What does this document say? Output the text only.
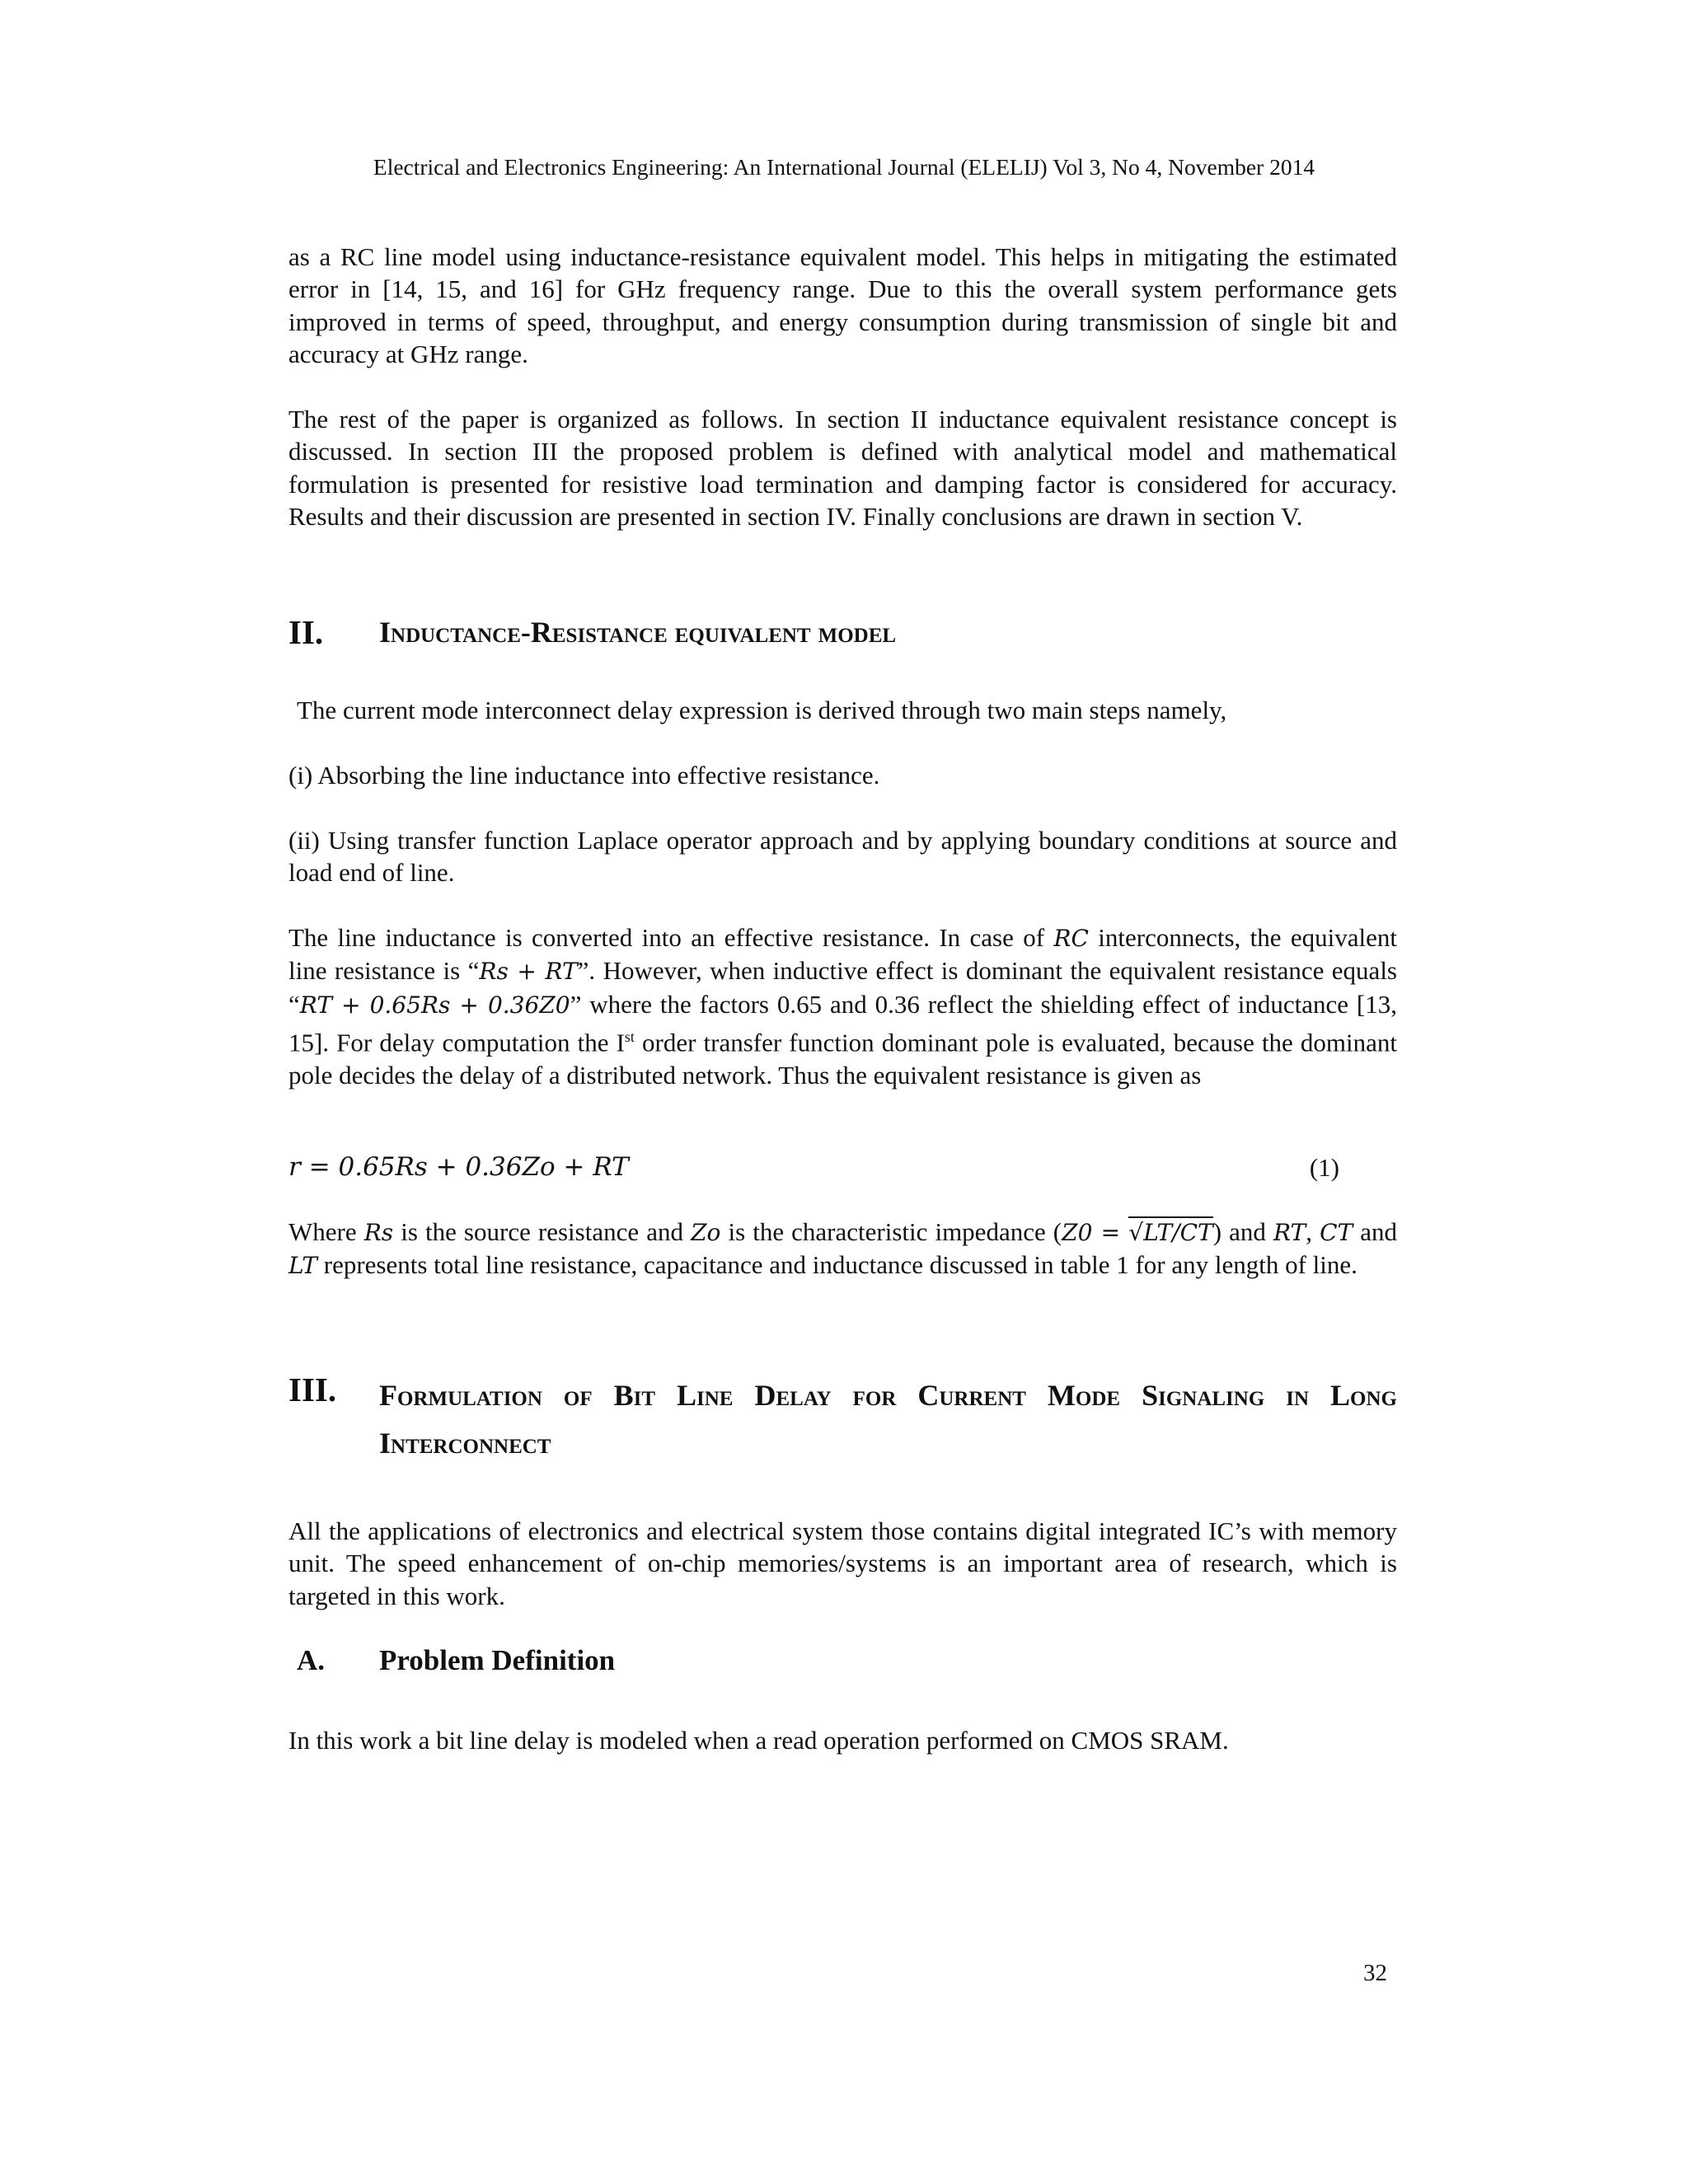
Electrical and Electronics Engineering: An International Journal (ELELIJ) Vol 3, No 4, November 2014

as a RC line model using inductance-resistance equivalent model. This helps in mitigating the estimated error in [14, 15, and 16] for GHz frequency range. Due to this the overall system performance gets improved in terms of speed, throughput, and energy consumption during transmission of single bit and accuracy at GHz range.

The rest of the paper is organized as follows. In section II inductance equivalent resistance concept is discussed. In section III the proposed problem is defined with analytical model and mathematical formulation is presented for resistive load termination and damping factor is considered for accuracy. Results and their discussion are presented in section IV. Finally conclusions are drawn in section V.

II. Inductance-Resistance equivalent model

The current mode interconnect delay expression is derived through two main steps namely,

(i) Absorbing the line inductance into effective resistance.

(ii) Using transfer function Laplace operator approach and by applying boundary conditions at source and load end of line.

The line inductance is converted into an effective resistance. In case of RC interconnects, the equivalent line resistance is “Rs + RT”. However, when inductive effect is dominant the equivalent resistance equals “RT + 0.65Rs + 0.36Z0” where the factors 0.65 and 0.36 reflect the shielding effect of inductance [13, 15]. For delay computation the Ist order transfer function dominant pole is evaluated, because the dominant pole decides the delay of a distributed network. Thus the equivalent resistance is given as

r = 0.65Rs + 0.36Zo + RT	(1)

Where Rs is the source resistance and Zo is the characteristic impedance (Z0 = √LT/CT) and RT, CT and LT represents total line resistance, capacitance and inductance discussed in table 1 for any length of line.

III. Formulation of Bit Line Delay for Current Mode Signaling in Long Interconnect

All the applications of electronics and electrical system those contains digital integrated IC’s with memory unit. The speed enhancement of on-chip memories/systems is an important area of research, which is targeted in this work.

A. Problem Definition

In this work a bit line delay is modeled when a read operation performed on CMOS SRAM.

32
